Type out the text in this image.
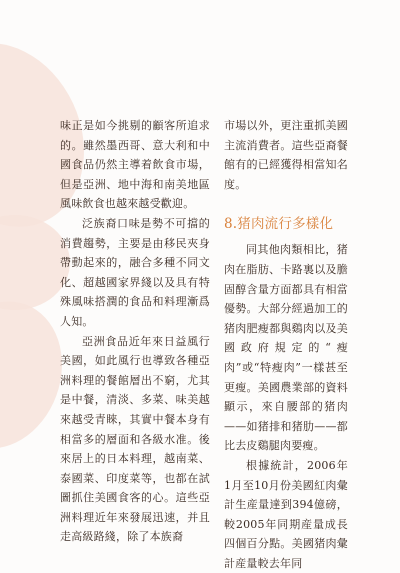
味正是如今挑剔的顧客所追求的。雖然墨西哥、意大利和中國食品仍然主導着飲食市場，但是亞洲、地中海和南美地區風味飲食也越來越受歡迎。

泛族裔口味是勢不可擋的消費趨勢，主要是由移民夾身帶動起來的，融合多種不同文化、超越國家界綫以及具有特殊風味搭潤的食品和料理漸爲人知。

亞洲食品近年來日益風行美國，如此風行也導致各種亞洲料理的餐館層出不窮，尤其是中餐，清淡、多菜、味美越來越受青睞，其實中餐本身有相當多的層面和各級水准。後來居上的日本料理，越南菜、泰國菜、印度菜等，也都在試圖抓住美國食客的心。這些亞洲料理近年來發展迅速，并且走高級路綫，除了本族裔

市場以外，更注重抓美國主流消費者。這些亞裔餐館有的已經獲得相當知名度。

8.猪肉流行多樣化

同其他肉類相比，猪肉在脂肪、卡路裏以及膽固醇含量方面都具有相當優勢。大部分經過加工的猪肉肥瘦都與鷄肉以及美國政府規定的“瘦肉”或“特瘦肉”一樣甚至更瘦。美國農業部的資料顯示，來自腰部的猪肉——如猪排和猪肋——都比去皮鷄腿肉要瘦。

根據統計，2006年1月至10月份美國紅肉彙計生産量達到394億磅，較2005年同期産量成長四個百分點。美國猪肉彙計産量較去年同
